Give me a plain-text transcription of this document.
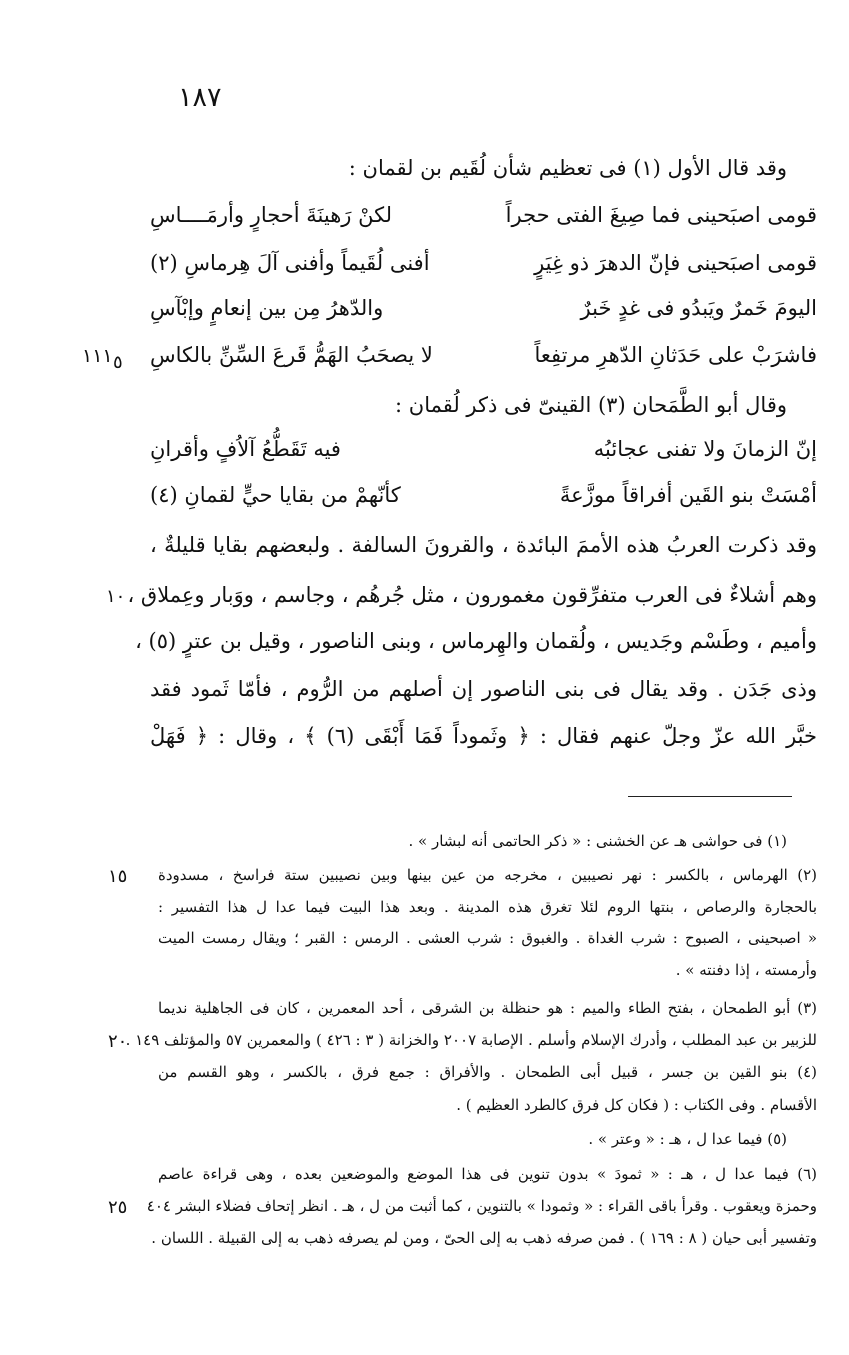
١٨٧
وقد قال الأول (١) فى تعظيم شأن لُقَيم بن لقمان :
قومى اصبَحينى فما صِيغَ الفتى حجراً
لكنْ رَهينَةَ أحجارٍ وأرمَــــاسِ
قومى اصبَحينى فإنّ الدهرَ ذو غِيَرٍ
أفنى لُقَيماً وأفنى آلَ هِرماسِ (٢)
اليومَ خَمرٌ ويَبدُو فى غدٍ خَبرٌ
والدّهرُ مِن بين إنعامٍ وإبْآسِ
فاشرَبْ على حَدَثانِ الدّهرِ مرتفِعاً
لا يصحَبُ الهَمُّ قَرعَ السِّنِّ بالكاسِ
وقال أبو الطَّمَحان (٣) القينىّ فى ذكر لُقمان :
إنّ الزمانَ ولا تفنى عجائبُه
فيه تَقَطُّعُ آلاُفٍ وأقرانِ
أمْسَتْ بنو القَين أفراقاً موزَّعةً
كأنّهمْ من بقايا حيٍّ لقمانِ (٤)
وقد ذكرت العربُ هذه الأممَ البائدة ، والقرونَ السالفة . ولبعضهم بقايا قليلةٌ ،
وهم أشلاءٌ فى العرب متفرِّقون مغمورون ، مثل جُرهُم ، وجاسم ، ووَبار وعِملاق ،
وأميم ، وطَسْم وجَديس ، ولُقمان والهِرماس ، وبنى الناصور ، وقيل بن عترٍ (٥) ،
وذى جَدَن . وقد يقال فى بنى الناصور إن أصلهم من الرُّوم ، فأمّا ثَمود فقد
خبَّر الله عزّ وجلّ عنهم فقال : ﴿ وثَموداً فَمَا أَبْقَى (٦) ﴾ ، وقال : ﴿ فَهَلْ
١١١ ٥
١٠
(١) فى حواشى هـ عن الخشنى : « ذكر الحاتمى أنه لبشار » .
(٢) الهرماس ، بالكسر : نهر نصيبين ، مخرجه من عين بينها وبين نصيبين ستة فراسخ ، مسدودة
بالحجارة والرصاص ، بنتها الروم لئلا تغرق هذه المدينة . وبعد هذا البيت فيما عدا ل هذا التفسير :
« اصبحينى ، الصبوح : شرب الغداة . والغبوق : شرب العشى . الرمس : القبر ؛ ويقال رمست الميت
وأرمسته ، إذا دفنته » .
(٣) أبو الطمحان ، بفتح الطاء والميم : هو حنظلة بن الشرقى ، أحد المعمرين ، كان فى الجاهلية نديما
للزبير بن عبد المطلب ، وأدرك الإسلام وأسلم . الإصابة ٢٠٠٧ والخزانة ( ٣ : ٤٢٦ ) والمعمرين ٥٧ والمؤتلف ١٤٩ .
(٤) بنو القين بن جسر ، قبيل أبى الطمحان . والأفراق : جمع فرق ، بالكسر ، وهو القسم من
الأقسام . وفى الكتاب : ( فكان كل فرق كالطرد العظيم ) .
(٥) فيما عدا ل ، هـ : « وعتر » .
(٦) فيما عدا ل ، هـ : « ثمودَ » بدون تنوين فى هذا الموضع والموضعين بعده ، وهى قراءة عاصم
وحمزة ويعقوب . وقرأ باقى القراء : « وثمودا » بالتنوين ، كما أثبت من ل ، هـ . انظر إتحاف فضلاء البشر ٤٠٤
وتفسير أبى حيان ( ٨ : ١٦٩ ) . فمن صرفه ذهب به إلى الحىّ ، ومن لم يصرفه ذهب به إلى القبيلة . اللسان .
١٥
٢٠
٢٥
